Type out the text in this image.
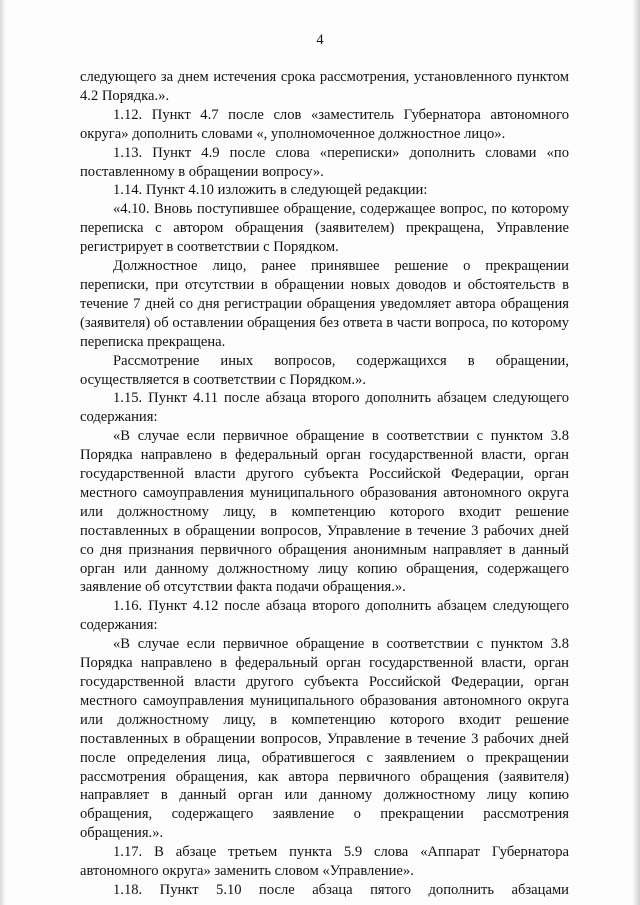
4

следующего за днем истечения срока рассмотрения, установленного пунктом 4.2 Порядка.».

1.12. Пункт 4.7 после слов «заместитель Губернатора автономного округа» дополнить словами «, уполномоченное должностное лицо».

1.13. Пункт 4.9 после слова «переписки» дополнить словами «по поставленному в обращении вопросу».

1.14. Пункт 4.10 изложить в следующей редакции:

«4.10. Вновь поступившее обращение, содержащее вопрос, по которому переписка с автором обращения (заявителем) прекращена, Управление регистрирует в соответствии с Порядком.

Должностное лицо, ранее принявшее решение о прекращении переписки, при отсутствии в обращении новых доводов и обстоятельств в течение 7 дней со дня регистрации обращения уведомляет автора обращения (заявителя) об оставлении обращения без ответа в части вопроса, по которому переписка прекращена.

Рассмотрение иных вопросов, содержащихся в обращении, осуществляется в соответствии с Порядком.».

1.15. Пункт 4.11 после абзаца второго дополнить абзацем следующего содержания:

«В случае если первичное обращение в соответствии с пунктом 3.8 Порядка направлено в федеральный орган государственной власти, орган государственной власти другого субъекта Российской Федерации, орган местного самоуправления муниципального образования автономного округа или должностному лицу, в компетенцию которого входит решение поставленных в обращении вопросов, Управление в течение 3 рабочих дней со дня признания первичного обращения анонимным направляет в данный орган или данному должностному лицу копию обращения, содержащего заявление об отсутствии факта подачи обращения.».

1.16. Пункт 4.12 после абзаца второго дополнить абзацем следующего содержания:

«В случае если первичное обращение в соответствии с пунктом 3.8 Порядка направлено в федеральный орган государственной власти, орган государственной власти другого субъекта Российской Федерации, орган местного самоуправления муниципального образования автономного округа или должностному лицу, в компетенцию которого входит решение поставленных в обращении вопросов, Управление в течение 3 рабочих дней после определения лица, обратившегося с заявлением о прекращении рассмотрения обращения, как автора первичного обращения (заявителя) направляет в данный орган или данному должностному лицу копию обращения, содержащего заявление о прекращении рассмотрения обращения.».

1.17. В абзаце третьем пункта 5.9 слова «Аппарат Губернатора автономного округа» заменить словом «Управление».

1.18. Пункт 5.10 после абзаца пятого дополнить абзацами
